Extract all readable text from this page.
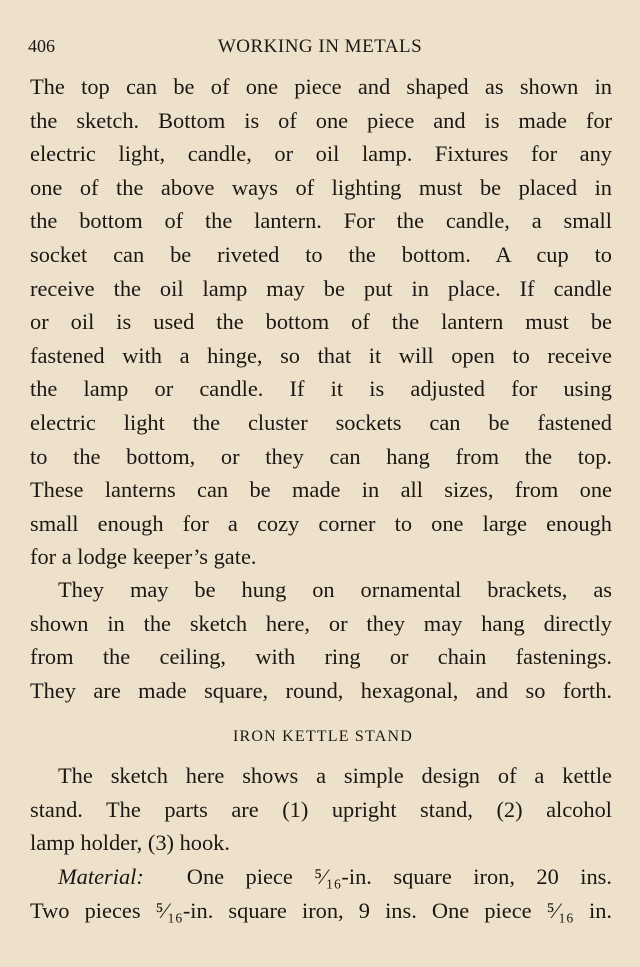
406	WORKING IN METALS
The top can be of one piece and shaped as shown in
the sketch. Bottom is of one piece and is made for
electric light, candle, or oil lamp. Fixtures for any
one of the above ways of lighting must be placed in
the bottom of the lantern. For the candle, a small
socket can be riveted to the bottom. A cup to
receive the oil lamp may be put in place. If candle
or oil is used the bottom of the lantern must be
fastened with a hinge, so that it will open to receive
the lamp or candle. If it is adjusted for using
electric light the cluster sockets can be fastened
to the bottom, or they can hang from the top.
These lanterns can be made in all sizes, from one
small enough for a cozy corner to one large enough
for a lodge keeper’s gate.
They may be hung on ornamental brackets, as
shown in the sketch here, or they may hang directly
from the ceiling, with ring or chain fastenings.
They are made square, round, hexagonal, and so forth.
IRON KETTLE STAND
The sketch here shows a simple design of a kettle
stand. The parts are (1) upright stand, (2) alcohol
lamp holder, (3) hook.
Material: One piece ⁵⁄₁₆-in. square iron, 20 ins.
Two pieces ⁵⁄₁₆-in. square iron, 9 ins. One piece ⁵⁄₁₆ in.
